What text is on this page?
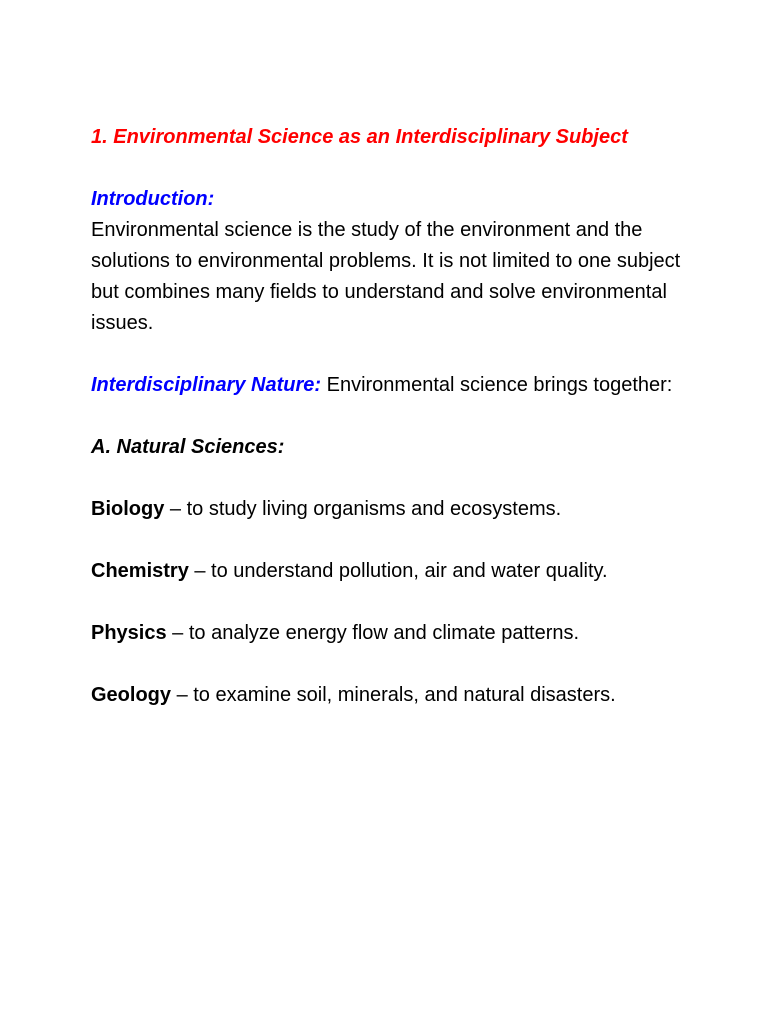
1. Environmental Science as an Interdisciplinary Subject

Introduction:
Environmental science is the study of the environment and the solutions to environmental problems. It is not limited to one subject but combines many fields to understand and solve environmental issues.

Interdisciplinary Nature: Environmental science brings together:

A. Natural Sciences:

Biology – to study living organisms and ecosystems.

Chemistry – to understand pollution, air and water quality.

Physics – to analyze energy flow and climate patterns.

Geology – to examine soil, minerals, and natural disasters.
